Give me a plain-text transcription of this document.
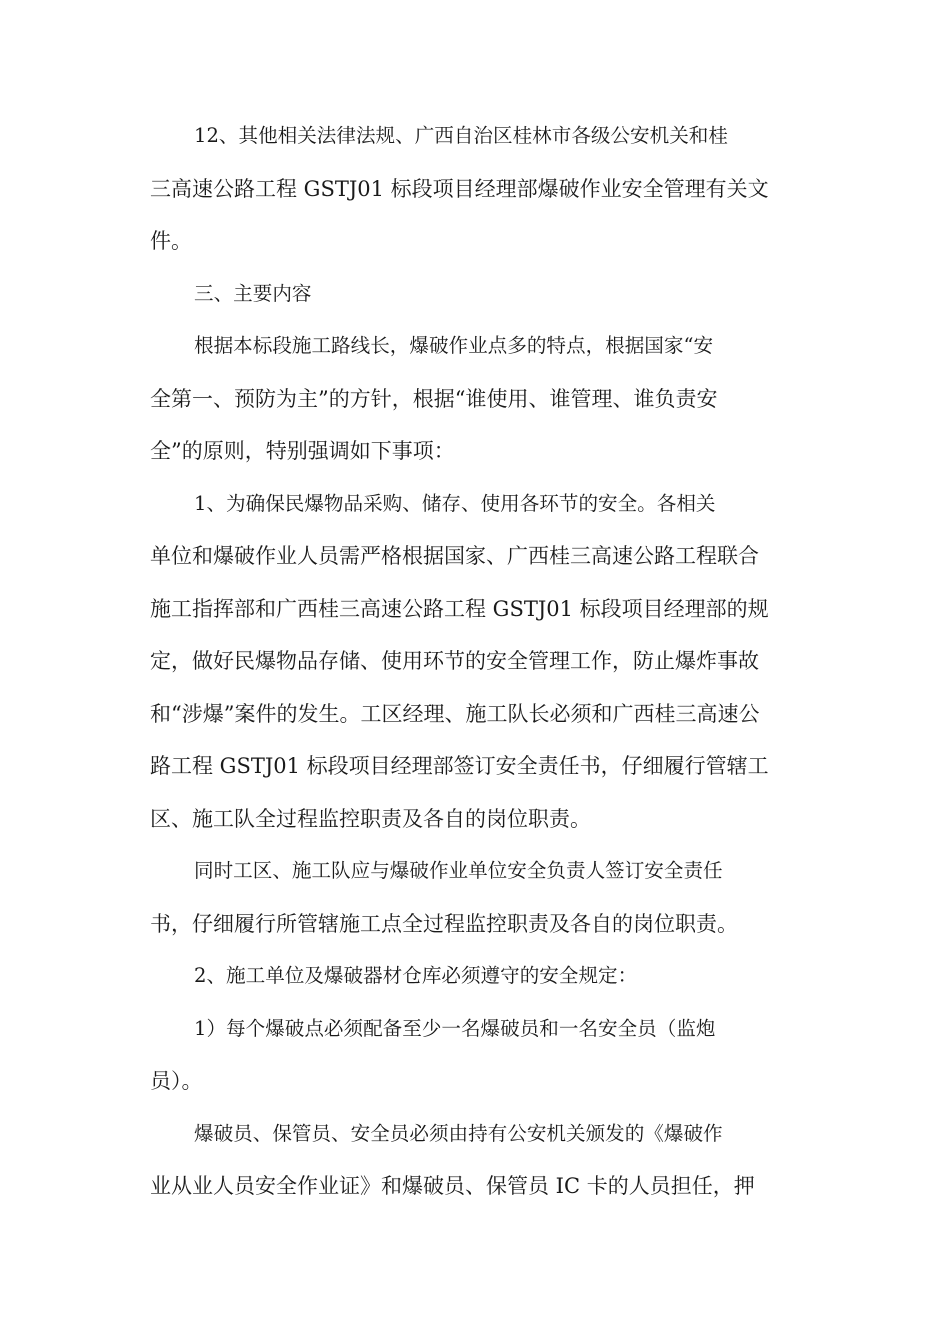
12、其他相关法律法规、广西自治区桂林市各级公安机关和桂
三高速公路工程 GSTJ01 标段项目经理部爆破作业安全管理有关文
件。
三、主要内容
根据本标段施工路线长，爆破作业点多的特点，根据国家“安
全第一、预防为主”的方针，根据“谁使用、谁管理、谁负责安
全”的原则，特别强调如下事项：
1、为确保民爆物品采购、储存、使用各环节的安全。各相关
单位和爆破作业人员需严格根据国家、广西桂三高速公路工程联合
施工指挥部和广西桂三高速公路工程 GSTJ01 标段项目经理部的规
定，做好民爆物品存储、使用环节的安全管理工作，防止爆炸事故
和“涉爆”案件的发生。工区经理、施工队长必须和广西桂三高速公
路工程 GSTJ01 标段项目经理部签订安全责任书，仔细履行管辖工
区、施工队全过程监控职责及各自的岗位职责。
同时工区、施工队应与爆破作业单位安全负责人签订安全责任
书，仔细履行所管辖施工点全过程监控职责及各自的岗位职责。
2、施工单位及爆破器材仓库必须遵守的安全规定：
1）每个爆破点必须配备至少一名爆破员和一名安全员（监炮
员）。
爆破员、保管员、安全员必须由持有公安机关颁发的《爆破作
业从业人员安全作业证》和爆破员、保管员 IC 卡的人员担任，押
